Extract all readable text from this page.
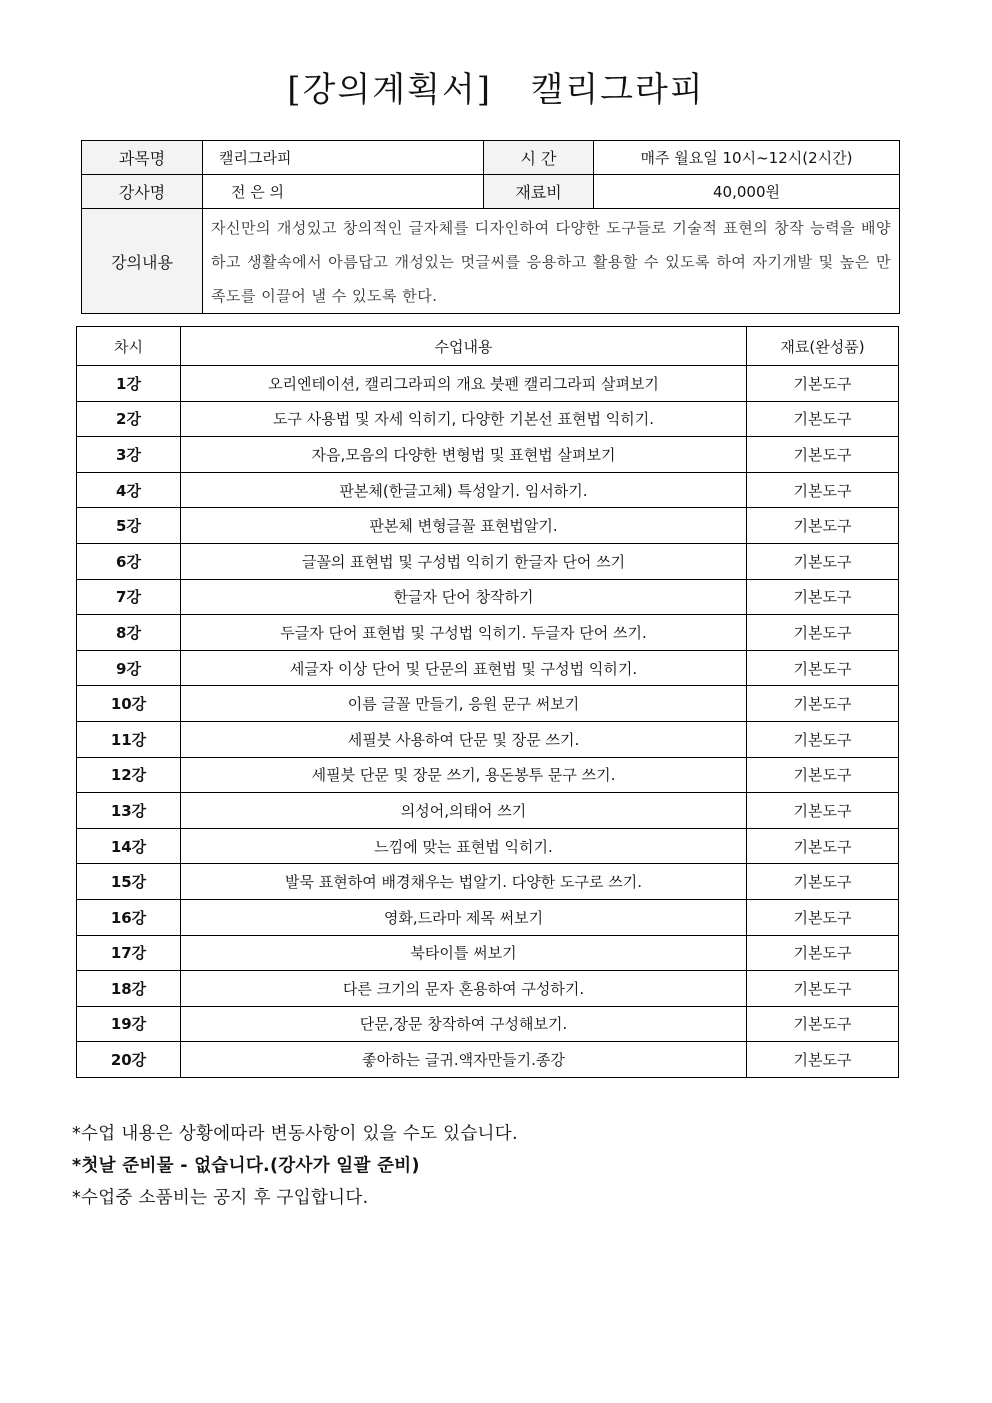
[강의계획서]   캘리그라피
과목명	캘리그라피	시 간	매주 월요일 10시~12시(2시간)
강사명	전 은 의	재료비	40,000원
강의내용	자신만의 개성있고 창의적인 글자체를 디자인하여 다양한 도구들로 기술적 표현의 창작 능력을 배양하고 생활속에서 아름답고 개성있는 멋글씨를 응용하고 활용할 수 있도록 하여 자기개발 및 높은 만족도를 이끌어 낼 수 있도록 한다.		
차시	수업내용	재료(완성품)
1강	오리엔테이션, 캘리그라피의 개요 붓펜 캘리그라피 살펴보기	기본도구
2강	도구 사용법 및 자세 익히기, 다양한 기본선 표현법 익히기.	기본도구
3강	자음,모음의 다양한 변형법 및 표현법 살펴보기	기본도구
4강	판본체(한글고체) 특성알기. 임서하기.	기본도구
5강	판본체 변형글꼴 표현법알기.	기본도구
6강	글꼴의 표현법 및 구성법 익히기 한글자 단어 쓰기	기본도구
7강	한글자 단어 창작하기	기본도구
8강	두글자 단어 표현법 및 구성법 익히기. 두글자 단어 쓰기.	기본도구
9강	세글자 이상 단어 및 단문의 표현법 및 구성법 익히기.	기본도구
10강	이름 글꼴 만들기, 응원 문구 써보기	기본도구
11강	세필붓 사용하여 단문 및 장문 쓰기.	기본도구
12강	세필붓 단문 및 장문 쓰기, 용돈봉투 문구 쓰기.	기본도구
13강	의성어,의태어 쓰기	기본도구
14강	느낌에 맞는 표현법 익히기.	기본도구
15강	발묵 표현하여 배경채우는 법알기. 다양한 도구로 쓰기.	기본도구
16강	영화,드라마 제목 써보기	기본도구
17강	북타이틀 써보기	기본도구
18강	다른 크기의 문자 혼용하여 구성하기.	기본도구
19강	단문,장문 창작하여 구성해보기.	기본도구
20강	좋아하는 글귀.액자만들기.종강	기본도구
*수업 내용은 상황에따라 변동사항이 있을 수도 있습니다.
*첫날 준비물 - 없습니다.(강사가 일괄 준비)
*수업중 소품비는 공지 후 구입합니다.
